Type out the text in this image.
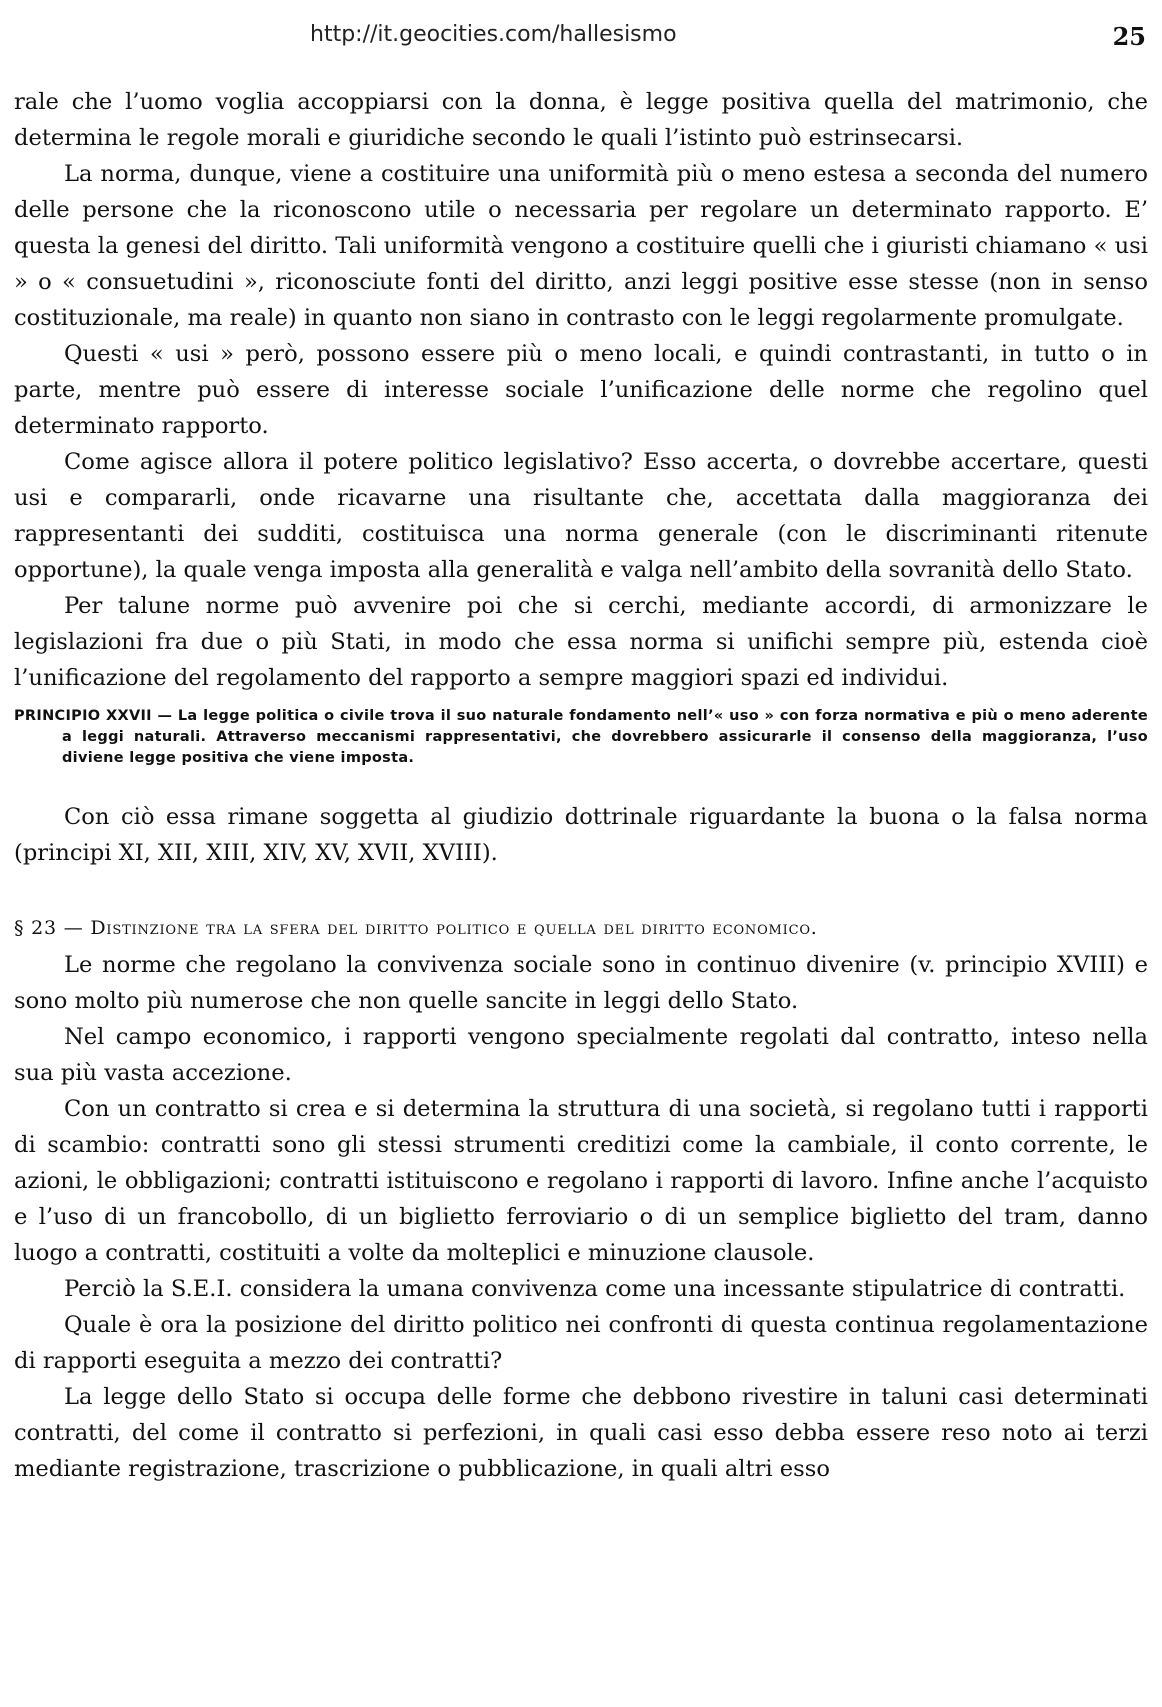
http://it.geocities.com/hallesismo	25

rale che l’uomo voglia accoppiarsi con la donna, è legge positiva quella del matrimonio, che determina le regole morali e giuridiche secondo le quali l’istinto può estrinsecarsi.

La norma, dunque, viene a costituire una uniformità più o meno estesa a seconda del numero delle persone che la riconoscono utile o necessaria per regolare un determinato rapporto. E’ questa la genesi del diritto. Tali uniformità vengono a costituire quelli che i giuristi chiamano « usi » o « consuetudini », riconosciute fonti del diritto, anzi leggi positive esse stesse (non in senso costituzionale, ma reale) in quanto non siano in contrasto con le leggi regolarmente promulgate.

Questi « usi » però, possono essere più o meno locali, e quindi contrastanti, in tutto o in parte, mentre può essere di interesse sociale l’unificazione delle norme che regolino quel determinato rapporto.

Come agisce allora il potere politico legislativo? Esso accerta, o dovrebbe accertare, questi usi e compararli, onde ricavarne una risultante che, accettata dalla maggioranza dei rappresentanti dei sudditi, costituisca una norma generale (con le discriminanti ritenute opportune), la quale venga imposta alla generalità e valga nell’ambito della sovranità dello Stato.

Per talune norme può avvenire poi che si cerchi, mediante accordi, di armonizzare le legislazioni fra due o più Stati, in modo che essa norma si unifichi sempre più, estenda cioè l’unificazione del regolamento del rapporto a sempre maggiori spazi ed individui.

PRINCIPIO XXVII — La legge politica o civile trova il suo naturale fondamento nell’« uso » con forza normativa e più o meno aderente a leggi naturali. Attraverso meccanismi rappresentativi, che dovrebbero assicurarle il consenso della maggioranza, l’uso diviene legge positiva che viene imposta.

Con ciò essa rimane soggetta al giudizio dottrinale riguardante la buona o la falsa norma (principi XI, XII, XIII, XIV, XV, XVII, XVIII).

§ 23 — Distinzione tra la sfera del diritto politico e quella del diritto economico.

Le norme che regolano la convivenza sociale sono in continuo divenire (v. principio XVIII) e sono molto più numerose che non quelle sancite in leggi dello Stato.

Nel campo economico, i rapporti vengono specialmente regolati dal contratto, inteso nella sua più vasta accezione.

Con un contratto si crea e si determina la struttura di una società, si regolano tutti i rapporti di scambio: contratti sono gli stessi strumenti creditizi come la cambiale, il conto corrente, le azioni, le obbligazioni; contratti istituiscono e regolano i rapporti di lavoro. Infine anche l’acquisto e l’uso di un francobollo, di un biglietto ferroviario o di un semplice biglietto del tram, danno luogo a contratti, costituiti a volte da molteplici e minuzione clausole.

Perciò la S.E.I. considera la umana convivenza come una incessante stipulatrice di contratti.

Quale è ora la posizione del diritto politico nei confronti di questa continua regolamentazione di rapporti eseguita a mezzo dei contratti?

La legge dello Stato si occupa delle forme che debbono rivestire in taluni casi determinati contratti, del come il contratto si perfezioni, in quali casi esso debba essere reso noto ai terzi mediante registrazione, trascrizione o pubblicazione, in quali altri esso
